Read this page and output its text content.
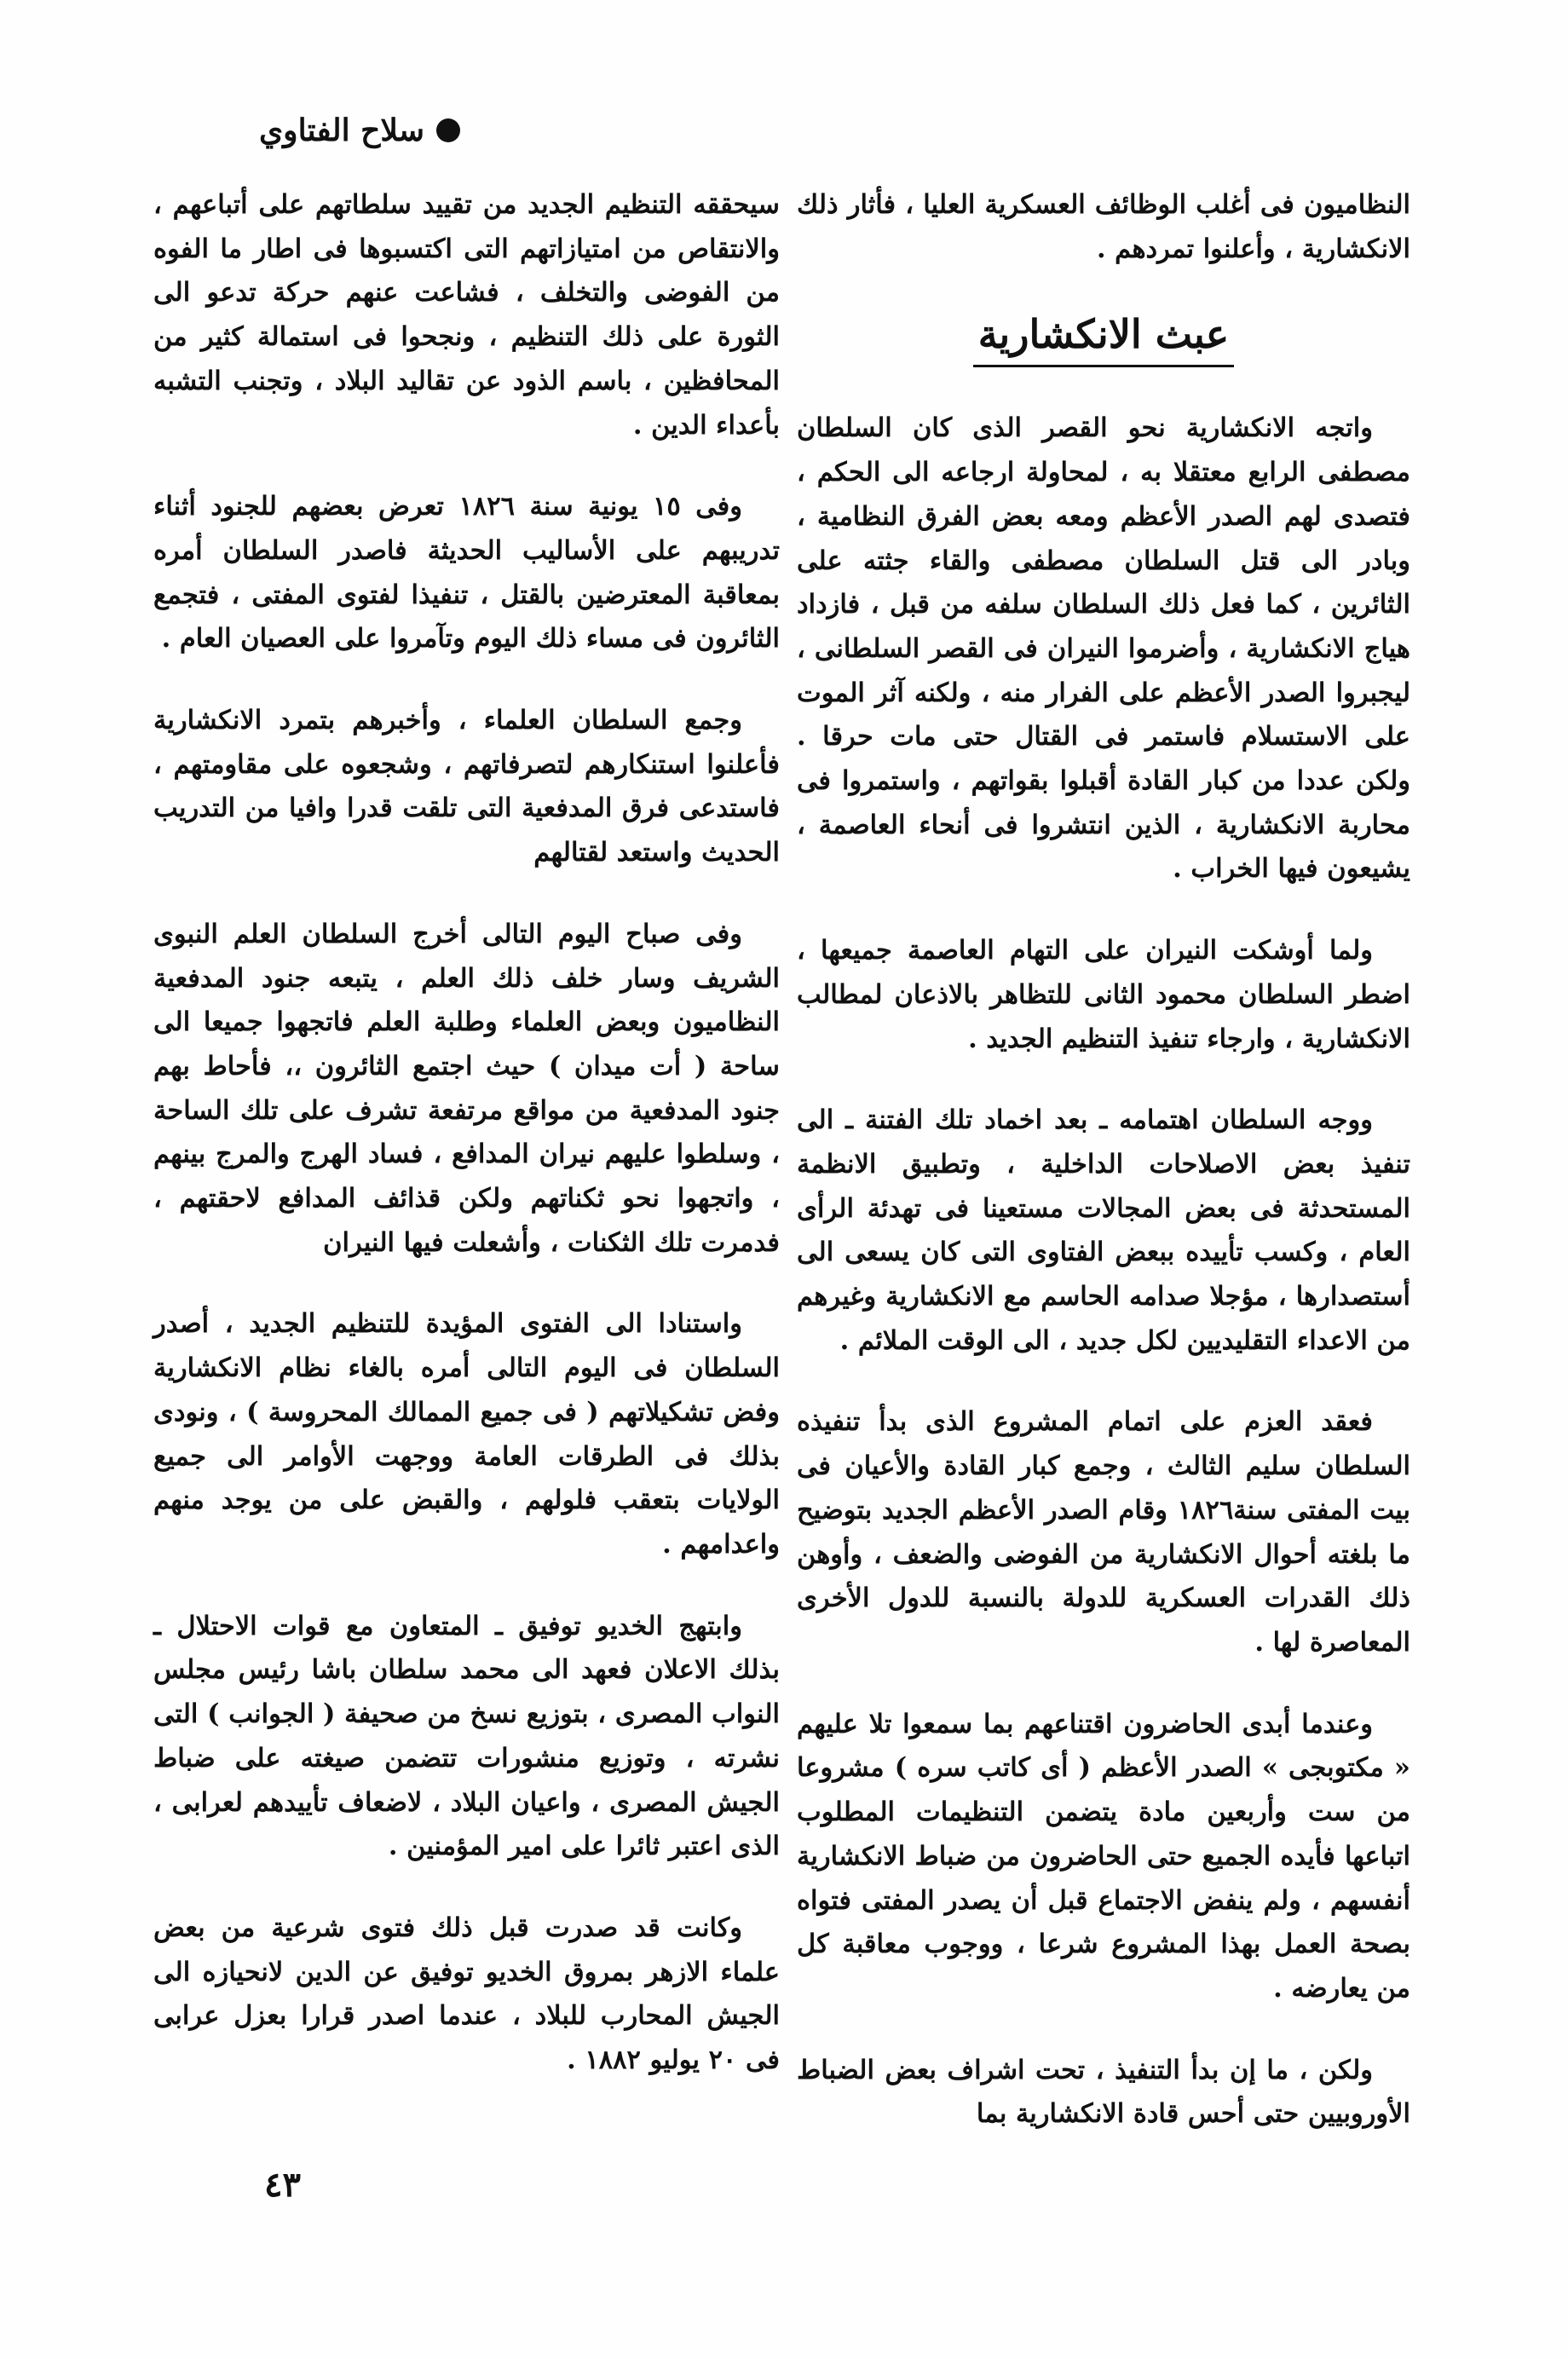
سلاح الفتاوي

النظاميون فى أغلب الوظائف العسكرية العليا ، فأثار ذلك الانكشارية ، وأعلنوا تمردهم .

عبث الانكشارية

واتجه الانكشارية نحو القصر الذى كان السلطان مصطفى الرابع معتقلا به ، لمحاولة ارجاعه الى الحكم ، فتصدى لهم الصدر الأعظم ومعه بعض الفرق النظامية ، وبادر الى قتل السلطان مصطفى والقاء جثته على الثائرين ، كما فعل ذلك السلطان سلفه من قبل ، فازداد هياج الانكشارية ، وأضرموا النيران فى القصر السلطانى ، ليجبروا الصدر الأعظم على الفرار منه ، ولكنه آثر الموت على الاستسلام فاستمر فى القتال حتى مات حرقا . ولكن عددا من كبار القادة أقبلوا بقواتهم ، واستمروا فى محاربة الانكشارية ، الذين انتشروا فى أنحاء العاصمة ، يشيعون فيها الخراب .

ولما أوشكت النيران على التهام العاصمة جميعها ، اضطر السلطان محمود الثانى للتظاهر بالاذعان لمطالب الانكشارية ، وارجاء تنفيذ التنظيم الجديد .

ووجه السلطان اهتمامه ـ بعد اخماد تلك الفتنة ـ الى تنفيذ بعض الاصلاحات الداخلية ، وتطبيق الانظمة المستحدثة فى بعض المجالات مستعينا فى تهدئة الرأى العام ، وكسب تأييده ببعض الفتاوى التى كان يسعى الى أستصدارها ، مؤجلا صدامه الحاسم مع الانكشارية وغيرهم من الاعداء التقليديين لكل جديد ، الى الوقت الملائم .

فعقد العزم على اتمام المشروع الذى بدأ تنفيذه السلطان سليم الثالث ، وجمع كبار القادة والأعيان فى بيت المفتى سنة١٨٢٦ وقام الصدر الأعظم الجديد بتوضيح ما بلغته أحوال الانكشارية من الفوضى والضعف ، وأوهن ذلك القدرات العسكرية للدولة بالنسبة للدول الأخرى المعاصرة لها .

وعندما أبدى الحاضرون اقتناعهم بما سمعوا تلا عليهم « مكتوبجى » الصدر الأعظم ( أى كاتب سره ) مشروعا من ست وأربعين مادة يتضمن التنظيمات المطلوب اتباعها فأيده الجميع حتى الحاضرون من ضباط الانكشارية أنفسهم ، ولم ينفض الاجتماع قبل أن يصدر المفتى فتواه بصحة العمل بهذا المشروع شرعا ، ووجوب معاقبة كل من يعارضه .

ولكن ، ما إن بدأ التنفيذ ، تحت اشراف بعض الضباط الأوروبيين حتى أحس قادة الانكشارية بما

سيحققه التنظيم الجديد من تقييد سلطاتهم على أتباعهم ، والانتقاص من امتيازاتهم التى اكتسبوها فى اطار ما الفوه من الفوضى والتخلف ، فشاعت عنهم حركة تدعو الى الثورة على ذلك التنظيم ، ونجحوا فى استمالة كثير من المحافظين ، باسم الذود عن تقاليد البلاد ، وتجنب التشبه بأعداء الدين .

وفى ١٥ يونية سنة ١٨٢٦ تعرض بعضهم للجنود أثناء تدريبهم على الأساليب الحديثة فاصدر السلطان أمره بمعاقبة المعترضين بالقتل ، تنفيذا لفتوى المفتى ، فتجمع الثائرون فى مساء ذلك اليوم وتآمروا على العصيان العام .

وجمع السلطان العلماء ، وأخبرهم بتمرد الانكشارية فأعلنوا استنكارهم لتصرفاتهم ، وشجعوه على مقاومتهم ، فاستدعى فرق المدفعية التى تلقت قدرا وافيا من التدريب الحديث واستعد لقتالهم

وفى صباح اليوم التالى أخرج السلطان العلم النبوى الشريف وسار خلف ذلك العلم ، يتبعه جنود المدفعية النظاميون وبعض العلماء وطلبة العلم فاتجهوا جميعا الى ساحة ( أت ميدان ) حيث اجتمع الثائرون ،، فأحاط بهم جنود المدفعية من مواقع مرتفعة تشرف على تلك الساحة ، وسلطوا عليهم نيران المدافع ، فساد الهرج والمرج بينهم ، واتجهوا نحو ثكناتهم ولكن قذائف المدافع لاحقتهم ، فدمرت تلك الثكنات ، وأشعلت فيها النيران

واستنادا الى الفتوى المؤيدة للتنظيم الجديد ، أصدر السلطان فى اليوم التالى أمره بالغاء نظام الانكشارية وفض تشكيلاتهم ( فى جميع الممالك المحروسة ) ، ونودى بذلك فى الطرقات العامة ووجهت الأوامر الى جميع الولايات بتعقب فلولهم ، والقبض على من يوجد منهم واعدامهم .

وابتهج الخديو توفيق ـ المتعاون مع قوات الاحتلال ـ بذلك الاعلان فعهد الى محمد سلطان باشا رئيس مجلس النواب المصرى ، بتوزيع نسخ من صحيفة ( الجوانب ) التى نشرته ، وتوزيع منشورات تتضمن صيغته على ضباط الجيش المصرى ، واعيان البلاد ، لاضعاف تأييدهم لعرابى ، الذى اعتبر ثائرا على امير المؤمنين .

وكانت قد صدرت قبل ذلك فتوى شرعية من بعض علماء الازهر بمروق الخديو توفيق عن الدين لانحيازه الى الجيش المحارب للبلاد ، عندما اصدر قرارا بعزل عرابى فى ٢٠ يوليو ١٨٨٢ .

٤٣
